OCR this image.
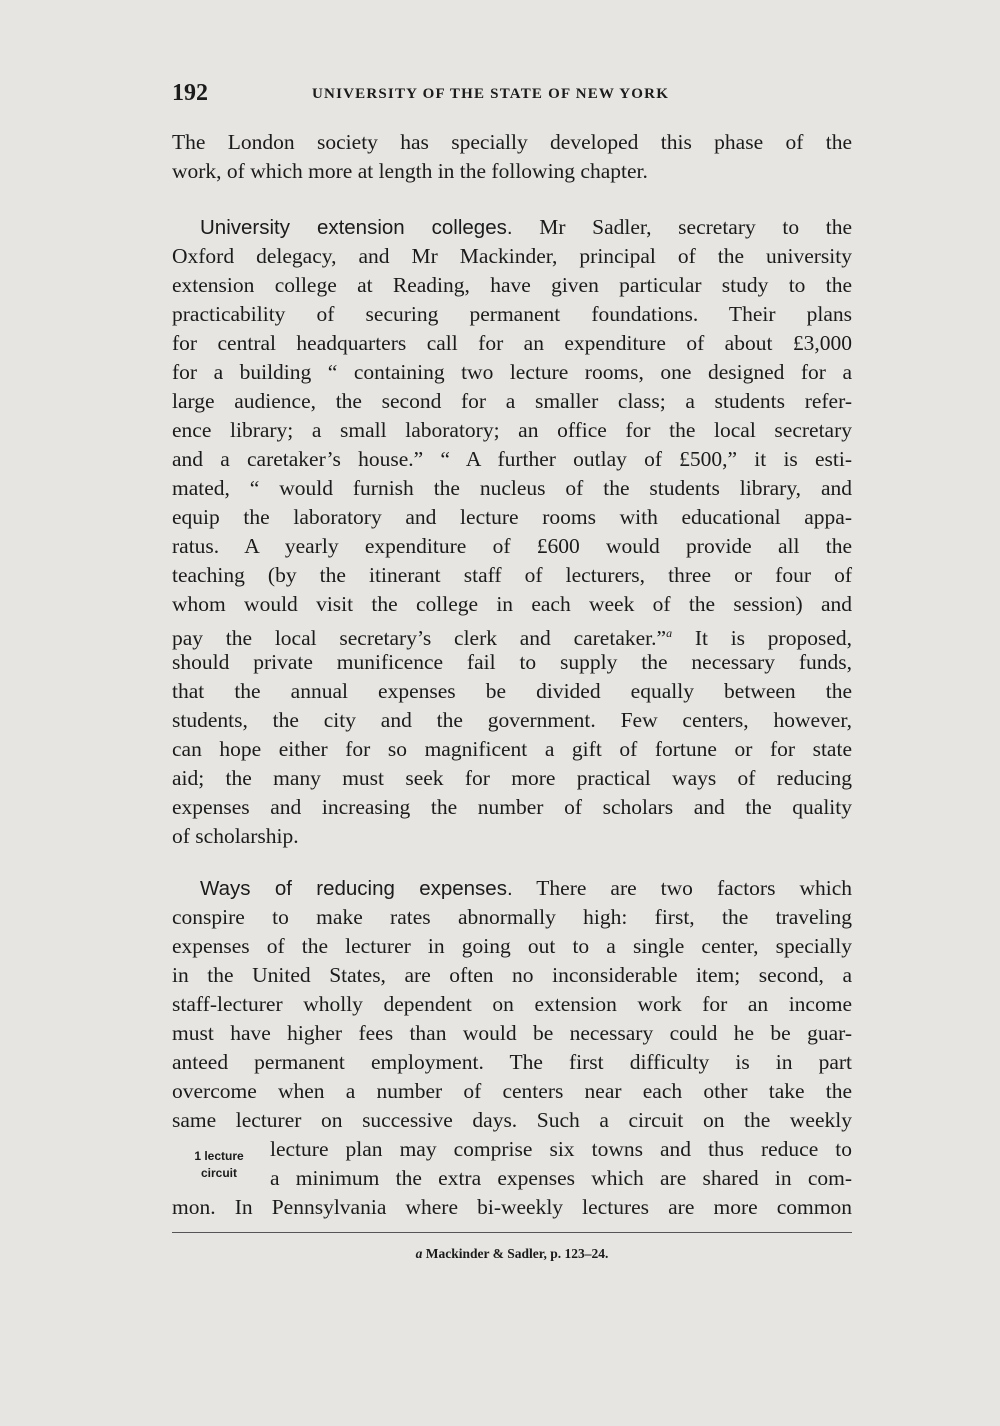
192	UNIVERSITY OF THE STATE OF NEW YORK
The London society has specially developed this phase of the
work, of which more at length in the following chapter.
University extension colleges. Mr Sadler, secretary to the
Oxford delegacy, and Mr Mackinder, principal of the university
extension college at Reading, have given particular study to the
practicability of securing permanent foundations. Their plans
for central headquarters call for an expenditure of about £3,000
for a building “ containing two lecture rooms, one designed for a
large audience, the second for a smaller class; a students refer-
ence library; a small laboratory; an office for the local secretary
and a caretaker’s house.” “ A further outlay of £500,” it is esti-
mated, “ would furnish the nucleus of the students library, and
equip the laboratory and lecture rooms with educational appa-
ratus. A yearly expenditure of £600 would provide all the
teaching (by the itinerant staff of lecturers, three or four of
whom would visit the college in each week of the session) and
pay the local secretary’s clerk and caretaker.”$^a$ It is proposed,
should private munificence fail to supply the necessary funds,
that the annual expenses be divided equally between the
students, the city and the government. Few centers, however,
can hope either for so magnificent a gift of fortune or for state
aid; the many must seek for more practical ways of reducing
expenses and increasing the number of scholars and the quality
of scholarship.
Ways of reducing expenses. There are two factors which
conspire to make rates abnormally high: first, the traveling
expenses of the lecturer in going out to a single center, specially
in the United States, are often no inconsiderable item; second, a
staff-lecturer wholly dependent on extension work for an income
must have higher fees than would be necessary could he be guar-
anteed permanent employment. The first difficulty is in part
overcome when a number of centers near each other take the
same lecturer on successive days. Such a circuit on the weekly
lecture plan may comprise six towns and thus reduce to
a minimum the extra expenses which are shared in com-
mon. In Pennsylvania where bi-weekly lectures are more common
1 lecture
circuit
a Mackinder & Sadler, p. 123–24.
